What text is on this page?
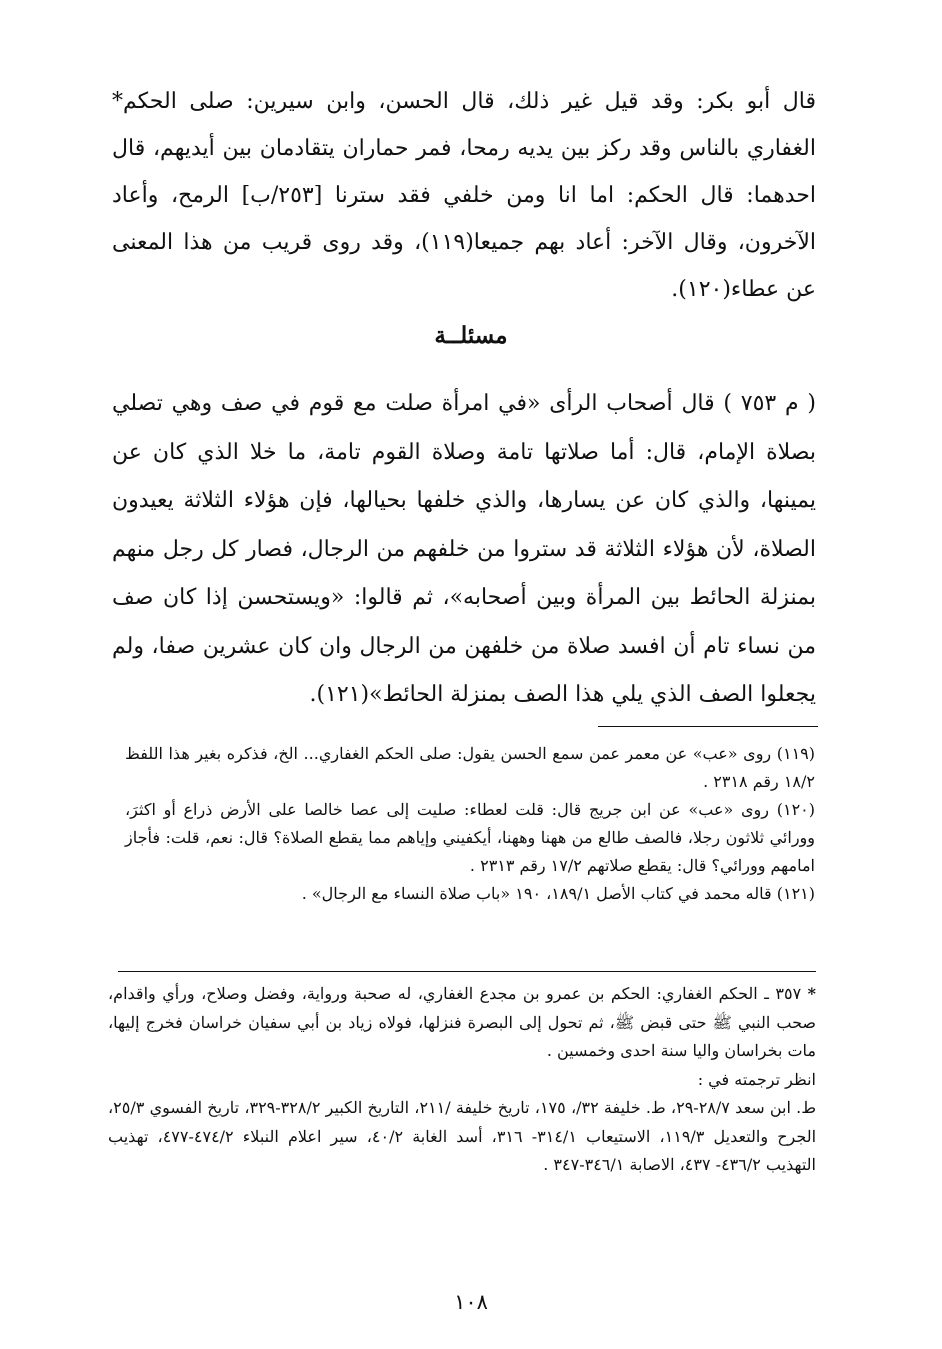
قال أبو بكر: وقد قيل غير ذلك، قال الحسن، وابن سيرين: صلى الحكم* الغفاري بالناس وقد ركز بين يديه رمحا، فمر حماران يتقادمان بين أيديهم، قال احدهما: قال الحكم: اما انا ومن خلفي فقد سترنا [٢٥٣/ب] الرمح، وأعاد الآخرون، وقال الآخر: أعاد بهم جميعا(١١٩)، وقد روى قريب من هذا المعنى عن عطاء(١٢٠).
مسئلــة
( م ٧٥٣ ) قال أصحاب الرأى «في امرأة صلت مع قوم في صف وهي تصلي بصلاة الإمام، قال: أما صلاتها تامة وصلاة القوم تامة، ما خلا الذي كان عن يمينها، والذي كان عن يسارها، والذي خلفها بحيالها، فإن هؤلاء الثلاثة يعيدون الصلاة، لأن هؤلاء الثلاثة قد ستروا من خلفهم من الرجال، فصار كل رجل منهم بمنزلة الحائط بين المرأة وبين أصحابه»، ثم قالوا: «ويستحسن إذا كان صف من نساء تام أن افسد صلاة من خلفهن من الرجال وان كان عشرين صفا، ولم يجعلوا الصف الذي يلي هذا الصف بمنزلة الحائط»(١٢١).

(١١٩) روى «عب» عن معمر عمن سمع الحسن يقول: صلى الحكم الغفاري... الخ، فذكره بغير هذا اللفظ ١٨/٢ رقم ٢٣١٨ .

(١٢٠) روى «عب» عن ابن جريج قال: قلت لعطاء: صليت إلى عصا خالصا على الأرض ذراع أو اكثرَ، وورائي ثلاثون رجلا، فالصف طالع من ههنا وههنا، أيكفيني وإياهم مما يقطع الصلاة؟ قال: نعم، قلت: فأجاز امامهم وورائي؟ قال: يقطع صلاتهم ١٧/٢ رقم ٢٣١٣ .

(١٢١) قاله محمد في كتاب الأصل ١٨٩/١، ١٩٠ «باب صلاة النساء مع الرجال» .

* ٣٥٧ ـ الحكم الغفاري: الحكم بن عمرو بن مجدع الغفاري، له صحبة ورواية، وفضل وصلاح، ورأي واقدام، صحب النبي ﷺ حتى قبض ﷺ، ثم تحول إلى البصرة فنزلها، فولاه زياد بن أبي سفيان خراسان فخرج إليها، مات بخراسان واليا سنة احدى وخمسين .

انظر ترجمته في :

ط. ابن سعد ٢٨/٧-٢٩، ط. خليفة ٣٢/، ١٧٥، تاريخ خليفة /٢١١، التاريخ الكبير ٣٢٨/٢-٣٢٩، تاريخ الفسوي ٢٥/٣، الجرح والتعديل ١١٩/٣، الاستيعاب ٣١٤/١- ٣١٦، أسد الغابة ٤٠/٢، سير اعلام النبلاء ٤٧٤/٢-٤٧٧، تهذيب التهذيب ٤٣٦/٢- ٤٣٧، الاصابة ٣٤٦/١-٣٤٧ .

١٠٨
